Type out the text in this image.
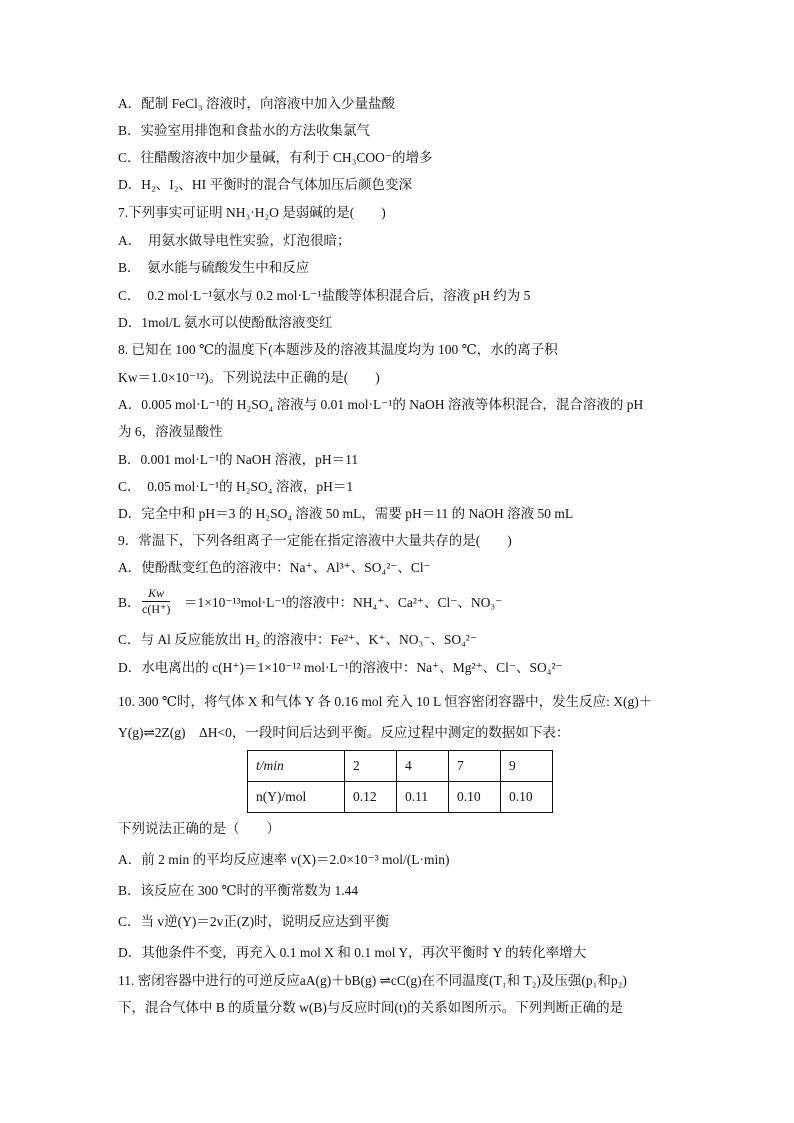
A．配制 FeCl₃ 溶液时，向溶液中加入少量盐酸
B．实验室用排饱和食盐水的方法收集氯气
C．往醋酸溶液中加少量碱，有利于 CH₃COO⁻的增多
D．H₂、I₂、HI 平衡时的混合气体加压后颜色变深
7.下列事实可证明 NH₃·H₂O 是弱碱的是(　　)
A．　用氨水做导电性实验，灯泡很暗；
B．　氨水能与硫酸发生中和反应
C．　0.2 mol·L⁻¹氨水与 0.2 mol·L⁻¹盐酸等体积混合后，溶液 pH 约为 5
D．1mol/L 氨水可以使酚酞溶液变红
8. 已知在 100 ℃的温度下(本题涉及的溶液其温度均为 100 ℃，水的离子积
Kw＝1.0×10⁻¹²)。下列说法中正确的是(　　)
A．0.005 mol·L⁻¹的 H₂SO₄ 溶液与 0.01 mol·L⁻¹的 NaOH 溶液等体积混合，混合溶液的 pH
为 6，溶液显酸性
B．0.001 mol·L⁻¹的 NaOH 溶液，pH＝11
C．　0.05 mol·L⁻¹的 H₂SO₄ 溶液，pH＝1
D．完全中和 pH＝3 的 H₂SO₄ 溶液 50 mL，需要 pH＝11 的 NaOH 溶液 50 mL
9．常温下，下列各组离子一定能在指定溶液中大量共存的是(　　)
A．使酚酞变红色的溶液中：Na⁺、Al³⁺、SO₄²⁻、Cl⁻
B． $\frac{Kw}{c(H^+)} =1\times 10^{-13}mol\cdot L^{-1}$的溶液中：NH₄⁺、Ca²⁺、Cl⁻、NO₃⁻
C．与 Al 反应能放出 H₂ 的溶液中：Fe²⁺、K⁺、NO₃⁻、SO₄²⁻
D．水电离出的 c(H⁺)＝1×10⁻¹² mol·L⁻¹的溶液中：Na⁺、Mg²⁺、Cl⁻、SO₄²⁻
10. 300 ℃时，将气体 X 和气体 Y 各 0.16 mol 充入 10 L 恒容密闭容器中，发生反应: X(g)＋
Y(g)⇌2Z(g)　ΔH<0，一段时间后达到平衡。反应过程中测定的数据如下表：
t/min	2	4	7	9
n(Y)/mol	0.12	0.11	0.10	0.10
下列说法正确的是（　　）
A．前 2 min 的平均反应速率 v(X)＝2.0×10⁻³ mol/(L·min)
B．该反应在 300 ℃时的平衡常数为 1.44
C．当 v逆(Y)＝2v正(Z)时，说明反应达到平衡
D．其他条件不变，再充入 0.1 mol X 和 0.1 mol Y，再次平衡时 Y 的转化率增大
11. 密闭容器中进行的可逆反应aA(g)＋bB(g) ⇌cC(g)在不同温度(T₁和 T₂)及压强(p₁和p₂)
下，混合气体中 B 的质量分数 w(B)与反应时间(t)的关系如图所示。下列判断正确的是
